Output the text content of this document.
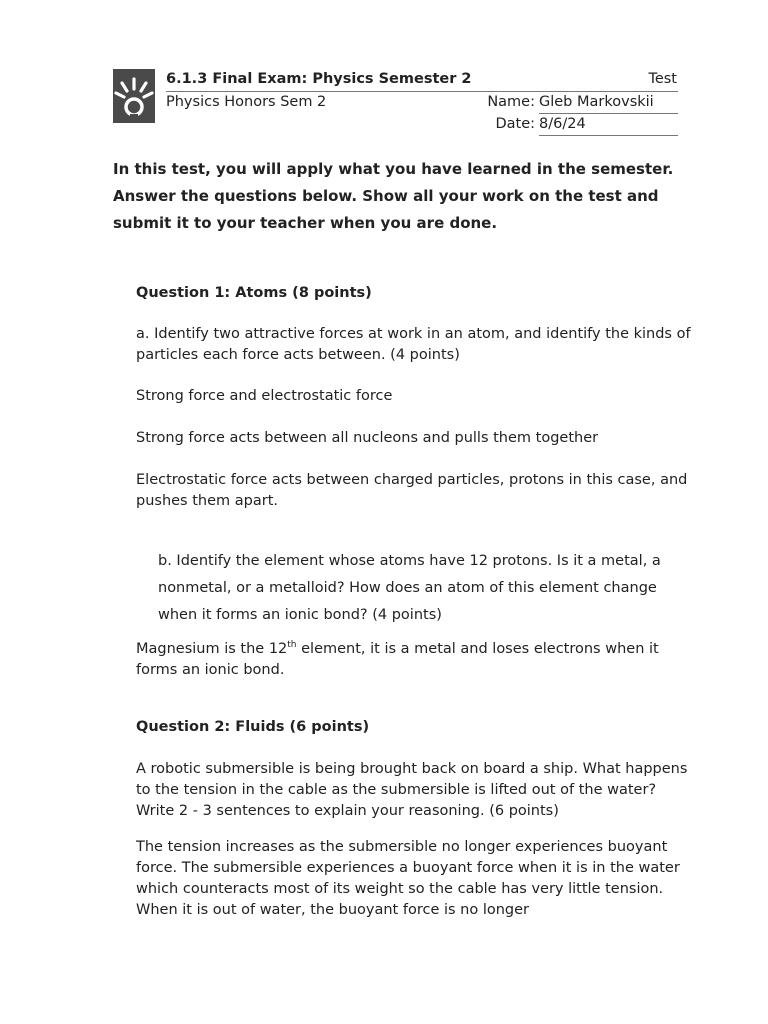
6.1.3 Final Exam: Physics Semester 2	Test
Physics Honors Sem 2	Name: Gleb Markovskii
Date: 8/6/24
In this test, you will apply what you have learned in the semester. Answer the questions below. Show all your work on the test and submit it to your teacher when you are done.
Question 1: Atoms (8 points)
a. Identify two attractive forces at work in an atom, and identify the kinds of particles each force acts between. (4 points)
Strong force and electrostatic force
Strong force acts between all nucleons and pulls them together
Electrostatic force acts between charged particles, protons in this case, and pushes them apart.
b. Identify the element whose atoms have 12 protons. Is it a metal, a nonmetal, or a metalloid? How does an atom of this element change when it forms an ionic bond? (4 points)
Magnesium is the 12th element, it is a metal and loses electrons when it forms an ionic bond.
Question 2: Fluids (6 points)
A robotic submersible is being brought back on board a ship. What happens to the tension in the cable as the submersible is lifted out of the water? Write 2 - 3 sentences to explain your reasoning. (6 points)
The tension increases as the submersible no longer experiences buoyant force. The submersible experiences a buoyant force when it is in the water which counteracts most of its weight so the cable has very little tension. When it is out of water, the buoyant force is no longer
